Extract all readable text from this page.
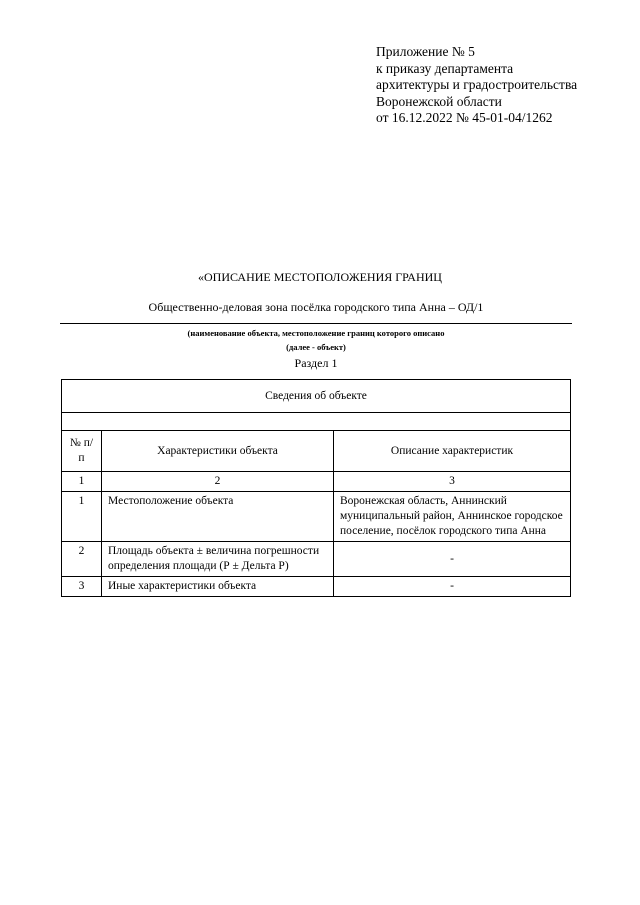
Приложение № 5
к приказу департамента
архитектуры и градостроительства
Воронежской области
от 16.12.2022 № 45-01-04/1262
«ОПИСАНИЕ МЕСТОПОЛОЖЕНИЯ ГРАНИЦ
Общественно-деловая зона посёлка городского типа Анна – ОД/1
(наименование объекта, местоположение границ которого описано
(далее - объект)
Раздел 1
Сведения об объекте		

№ п/п	Характеристики объекта	Описание характеристик
1	2	3
1	Местоположение объекта	Воронежская область, Аннинский муниципальный район, Аннинское городское поселение, посёлок городского типа Анна
2	Площадь объекта ± величина погрешности определения площади (Р ± Дельта Р)	-
3	Иные характеристики объекта	-
